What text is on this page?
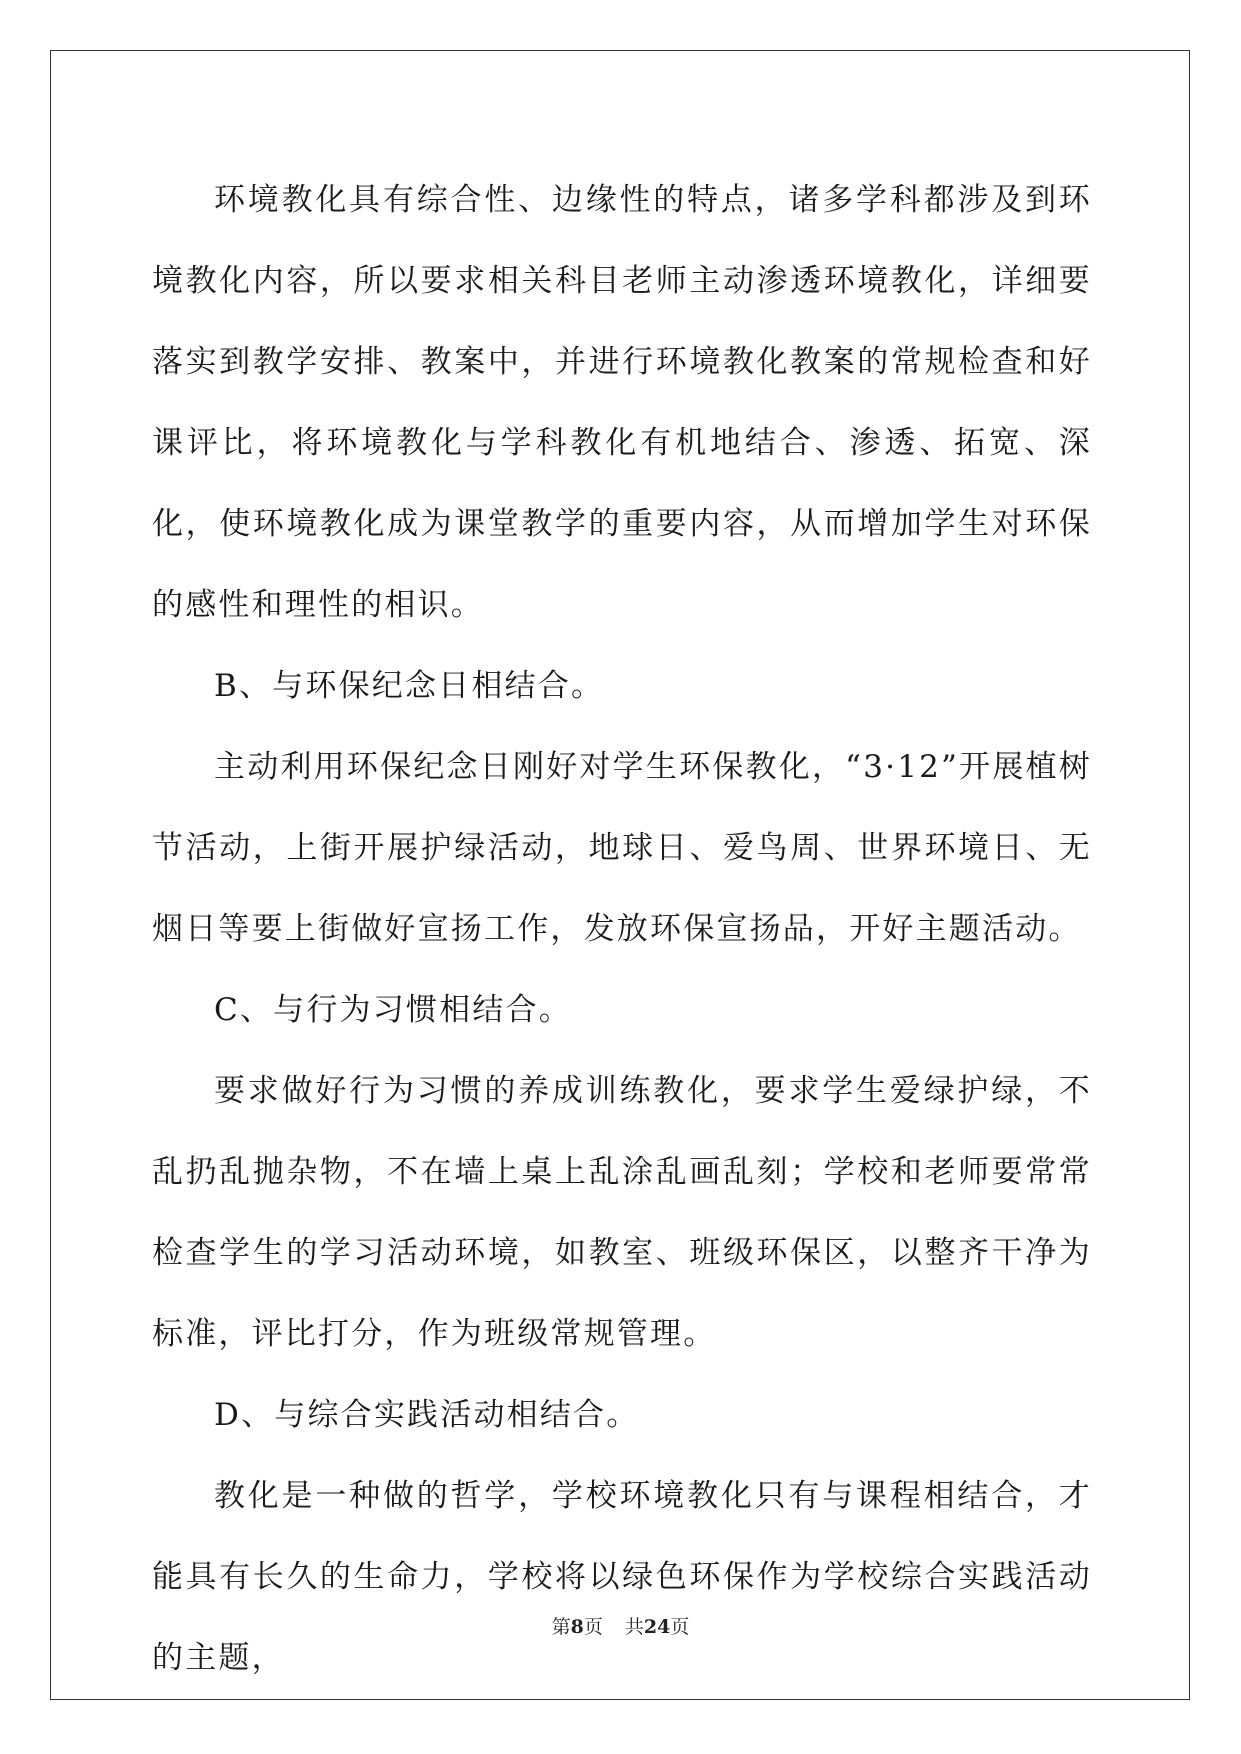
环境教化具有综合性、边缘性的特点，诸多学科都涉及到环境教化内容，所以要求相关科目老师主动渗透环境教化，详细要落实到教学安排、教案中，并进行环境教化教案的常规检查和好课评比，将环境教化与学科教化有机地结合、渗透、拓宽、深化，使环境教化成为课堂教学的重要内容，从而增加学生对环保的感性和理性的相识。

B、与环保纪念日相结合。

主动利用环保纪念日刚好对学生环保教化，“3·12”开展植树节活动，上街开展护绿活动，地球日、爱鸟周、世界环境日、无烟日等要上街做好宣扬工作，发放环保宣扬品，开好主题活动。

C、与行为习惯相结合。

要求做好行为习惯的养成训练教化，要求学生爱绿护绿，不乱扔乱抛杂物，不在墙上桌上乱涂乱画乱刻；学校和老师要常常检查学生的学习活动环境，如教室、班级环保区，以整齐干净为标准，评比打分，作为班级常规管理。

D、与综合实践活动相结合。

教化是一种做的哲学，学校环境教化只有与课程相结合，才能具有长久的生命力，学校将以绿色环保作为学校综合实践活动的主题，

第8页 共24页
